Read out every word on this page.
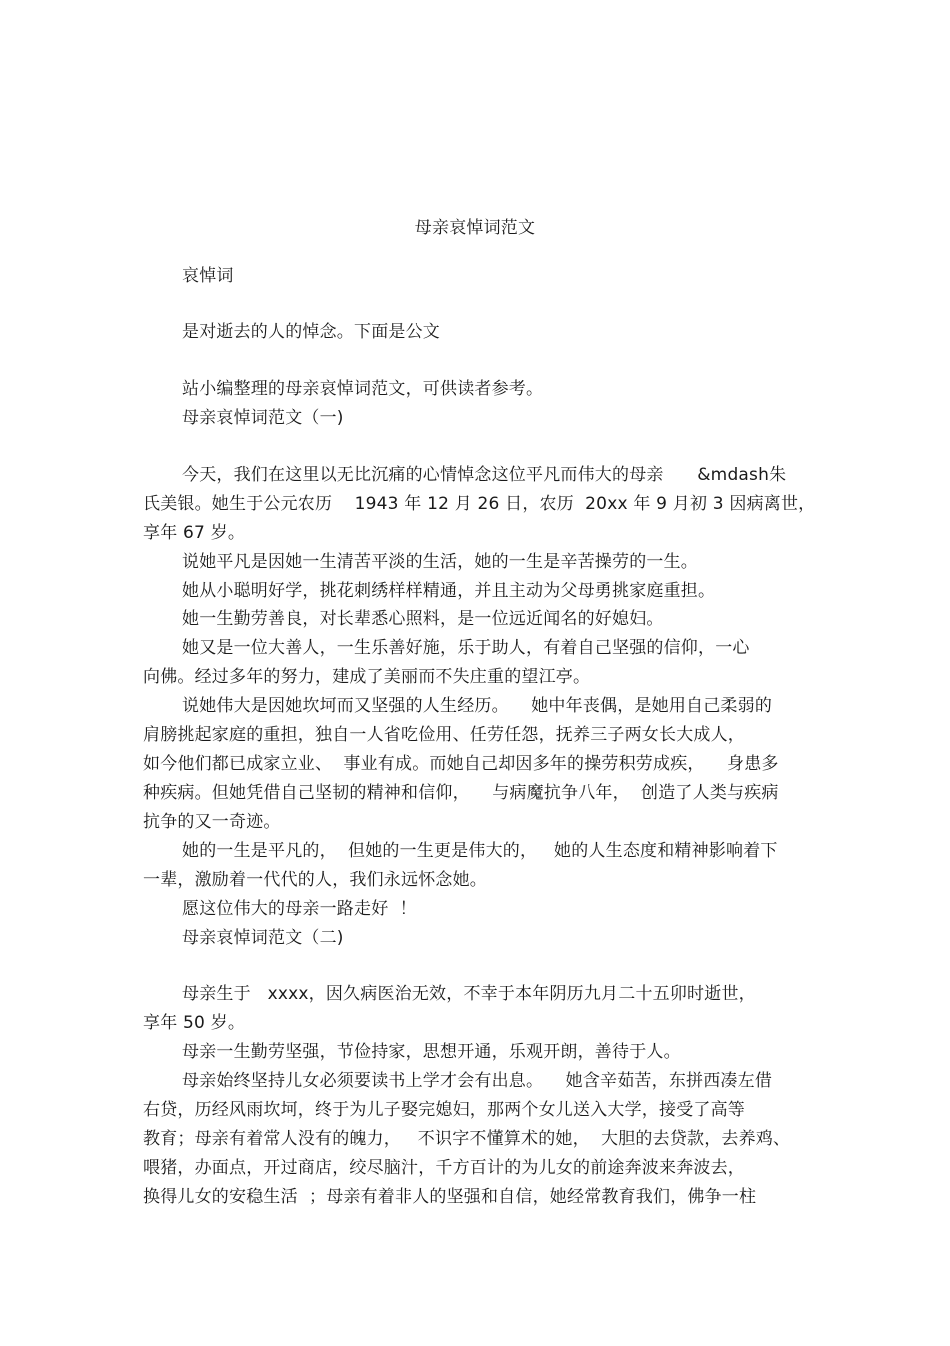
母亲哀悼词范文
哀悼词
是对逝去的人的悼念。下面是公文
站小编整理的母亲哀悼词范文，可供读者参考。
母亲哀悼词范文（一)
今天，我们在这里以无比沉痛的心情悼念这位平凡而伟大的母亲      &mdash朱
氏美银。她生于公元农历    1943 年 12 月 26 日，农历  20xx 年 9 月初 3 因病离世，
享年 67 岁。
说她平凡是因她一生清苦平淡的生活，她的一生是辛苦操劳的一生。
她从小聪明好学，挑花刺绣样样精通，并且主动为父母勇挑家庭重担。
她一生勤劳善良，对长辈悉心照料，是一位远近闻名的好媳妇。
她又是一位大善人，一生乐善好施，乐于助人，有着自己坚强的信仰，一心
向佛。经过多年的努力，建成了美丽而不失庄重的望江亭。
说她伟大是因她坎坷而又坚强的人生经历。    她中年丧偶，是她用自己柔弱的
肩膀挑起家庭的重担，独自一人省吃俭用、任劳任怨，抚养三子两女长大成人，
如今他们都已成家立业、  事业有成。而她自己却因多年的操劳积劳成疾，    身患多
种疾病。但她凭借自己坚韧的精神和信仰，    与病魔抗争八年，  创造了人类与疾病
抗争的又一奇迹。
她的一生是平凡的，  但她的一生更是伟大的，   她的人生态度和精神影响着下
一辈，激励着一代代的人，我们永远怀念她。
愿这位伟大的母亲一路走好  ！
母亲哀悼词范文（二)
母亲生于   xxxx，因久病医治无效，不幸于本年阴历九月二十五卯时逝世，
享年 50 岁。
母亲一生勤劳坚强，节俭持家，思想开通，乐观开朗，善待于人。
母亲始终坚持儿女必须要读书上学才会有出息。    她含辛茹苦，东拼西凑左借
右贷，历经风雨坎坷，终于为儿子娶完媳妇，那两个女儿送入大学，接受了高等
教育；母亲有着常人没有的魄力，   不识字不懂算术的她，  大胆的去贷款，去养鸡、
喂猪，办面点，开过商店，绞尽脑汁，千方百计的为儿女的前途奔波来奔波去，
换得儿女的安稳生活  ；母亲有着非人的坚强和自信，她经常教育我们，佛争一柱
